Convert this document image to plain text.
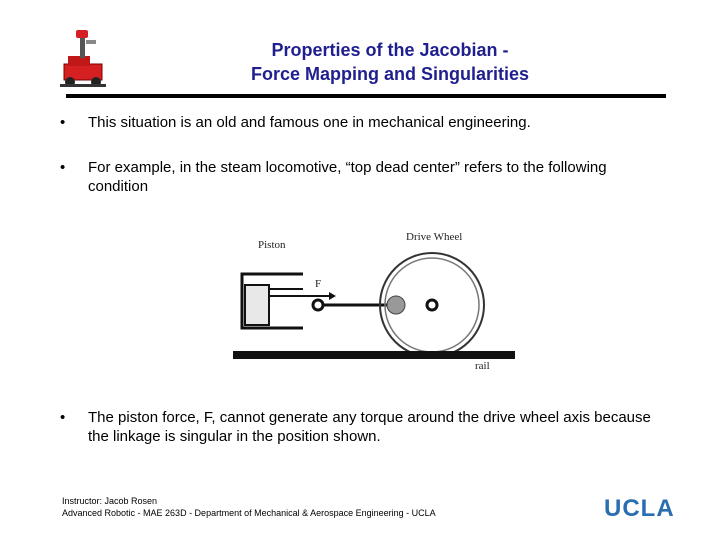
Properties of the Jacobian -
Force Mapping and Singularities
• This situation is an old and famous one in mechanical engineering.
• For example, in the steam locomotive, “top dead center” refers to the following condition
Piston
Drive Wheel
F
rail
• The piston force, F, cannot generate any torque around the drive wheel axis because the linkage is singular in the position shown.
Instructor: Jacob Rosen
Advanced Robotic - MAE 263D - Department of Mechanical & Aerospace Engineering - UCLA	UCLA
